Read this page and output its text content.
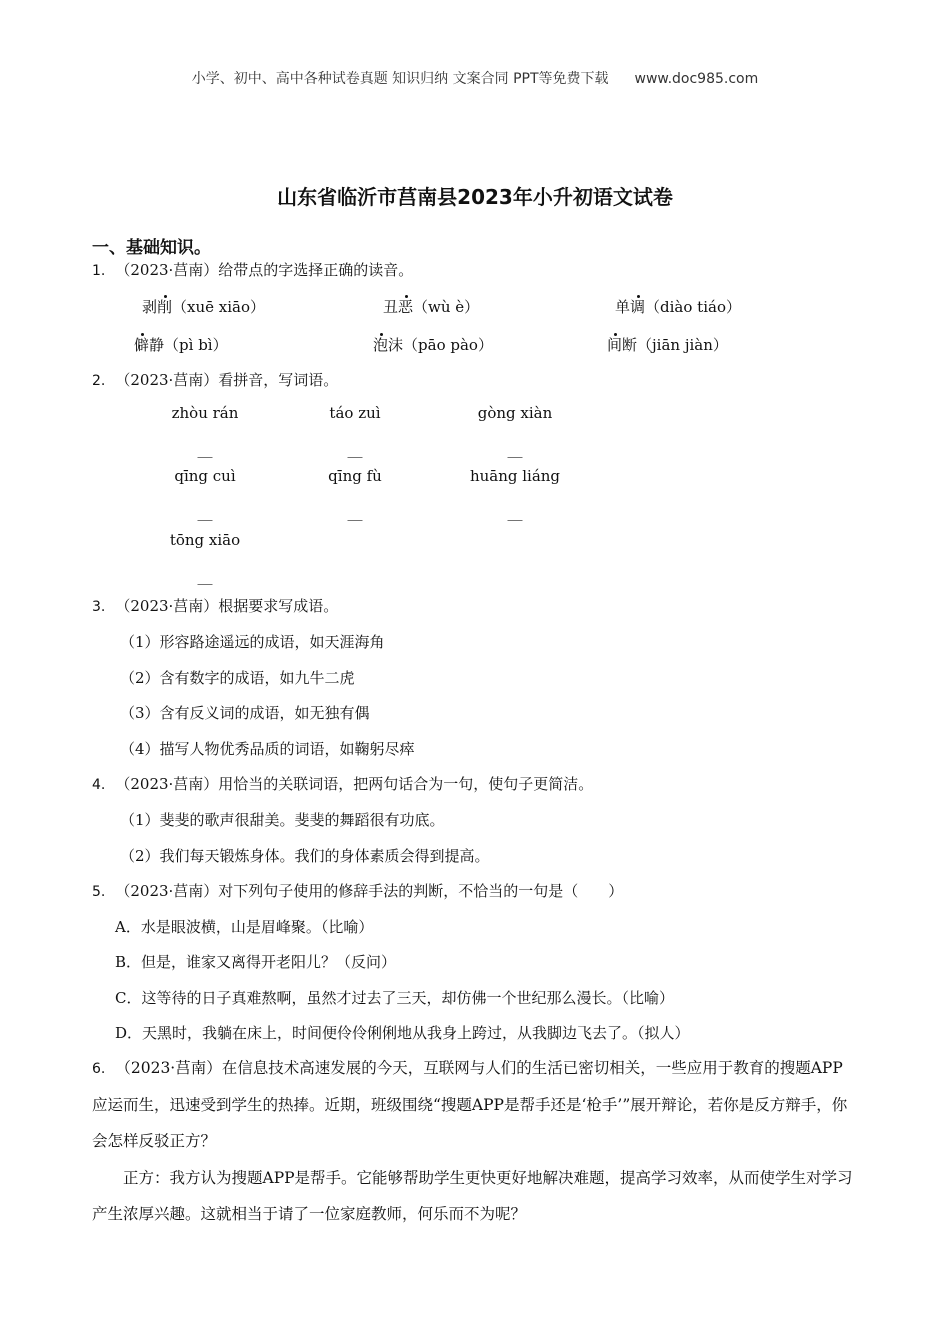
小学、初中、高中各种试卷真题 知识归纳 文案合同 PPT等免费下载 www.doc985.com
山东省临沂市莒南县2023年小升初语文试卷
一、基础知识。
1. （2023·莒南）给带点的字选择正确的读音。
剥削（xuē xiāo）	丑恶（wù è）	单调（diào tiáo）
僻静（pì bì）	泡沫（pāo pào）	间断（jiān jiàn）
2. （2023·莒南）看拼音，写词语。
zhòu rán	táo zuì	gòng xiàn
__	__	__
qīng cuì	qīng fù	huāng liáng
__	__	__
tōng xiāo
__
3. （2023·莒南）根据要求写成语。
（1）形容路途遥远的成语，如天涯海角
（2）含有数字的成语，如九牛二虎
（3）含有反义词的成语，如无独有偶
（4）描写人物优秀品质的词语，如鞠躬尽瘁
4. （2023·莒南）用恰当的关联词语，把两句话合为一句，使句子更简洁。
（1）斐斐的歌声很甜美。斐斐的舞蹈很有功底。
（2）我们每天锻炼身体。我们的身体素质会得到提高。
5. （2023·莒南）对下列句子使用的修辞手法的判断，不恰当的一句是（　　）
A．水是眼波横，山是眉峰聚。（比喻）
B．但是，谁家又离得开老阳儿？（反问）
C．这等待的日子真难熬啊，虽然才过去了三天，却仿佛一个世纪那么漫长。（比喻）
D．天黑时，我躺在床上，时间便伶伶俐俐地从我身上跨过，从我脚边飞去了。（拟人）
6. （2023·莒南）在信息技术高速发展的今天，互联网与人们的生活已密切相关，一些应用于教育的搜题APP应运而生，迅速受到学生的热捧。近期，班级围绕“搜题APP是帮手还是‘枪手’”展开辩论，若你是反方辩手，你会怎样反驳正方？
正方：我方认为搜题APP是帮手。它能够帮助学生更快更好地解决难题，提高学习效率，从而使学生对学习产生浓厚兴趣。这就相当于请了一位家庭教师，何乐而不为呢？
